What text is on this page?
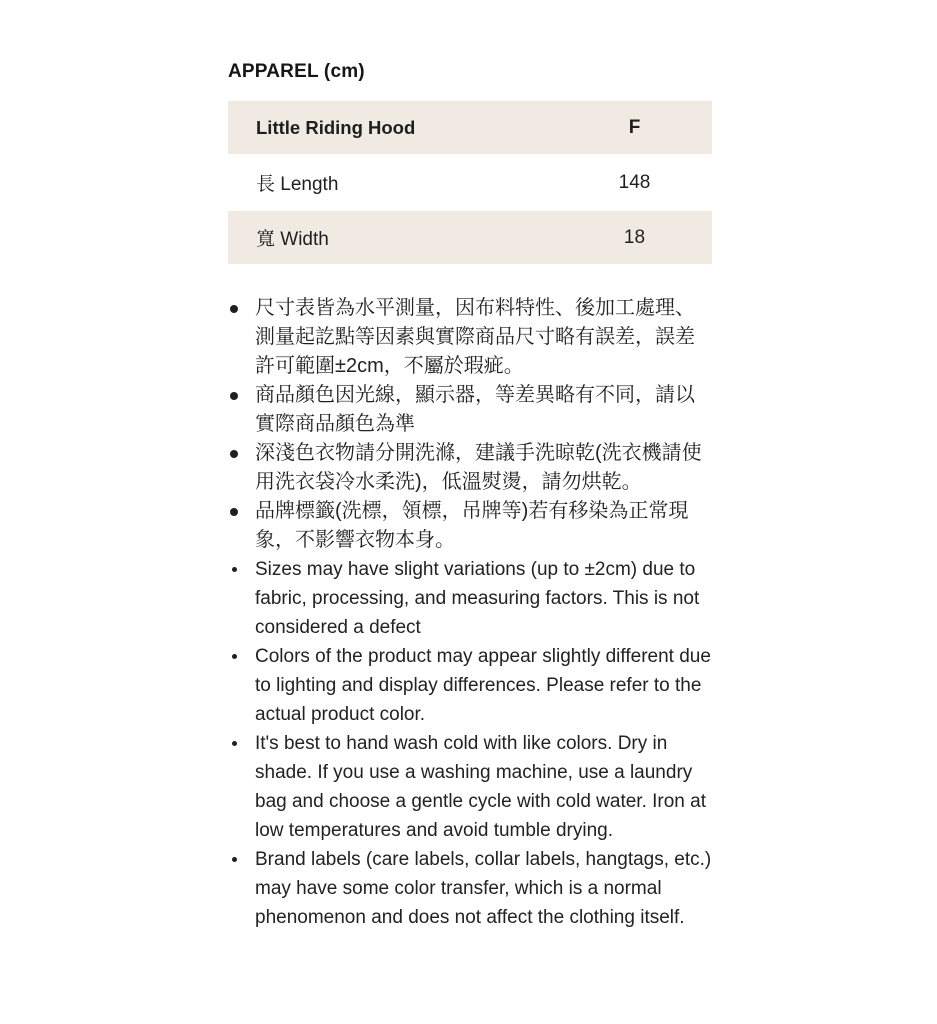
APPAREL (cm)
Little Riding Hood	F
長 Length	148
寬 Width	18
尺寸表皆為水平測量，因布料特性、後加工處理、測量起訖點等因素與實際商品尺寸略有誤差，誤差許可範圍±2cm，不屬於瑕疵。
商品顏色因光線，顯示器，等差異略有不同，請以實際商品顏色為準
深淺色衣物請分開洗滌，建議手洗晾乾(洗衣機請使用洗衣袋冷水柔洗)，低溫熨燙，請勿烘乾。
品牌標籤(洗標，領標，吊牌等)若有移染為正常現象，不影響衣物本身。
Sizes may have slight variations (up to ±2cm) due to fabric, processing, and measuring factors. This is not considered a defect
Colors of the product may appear slightly different due to lighting and display differences. Please refer to the actual product color.
It's best to hand wash cold with like colors. Dry in shade. If you use a washing machine, use a laundry bag and choose a gentle cycle with cold water. Iron at low temperatures and avoid tumble drying.
Brand labels (care labels, collar labels, hangtags, etc.) may have some color transfer, which is a normal phenomenon and does not affect the clothing itself.
